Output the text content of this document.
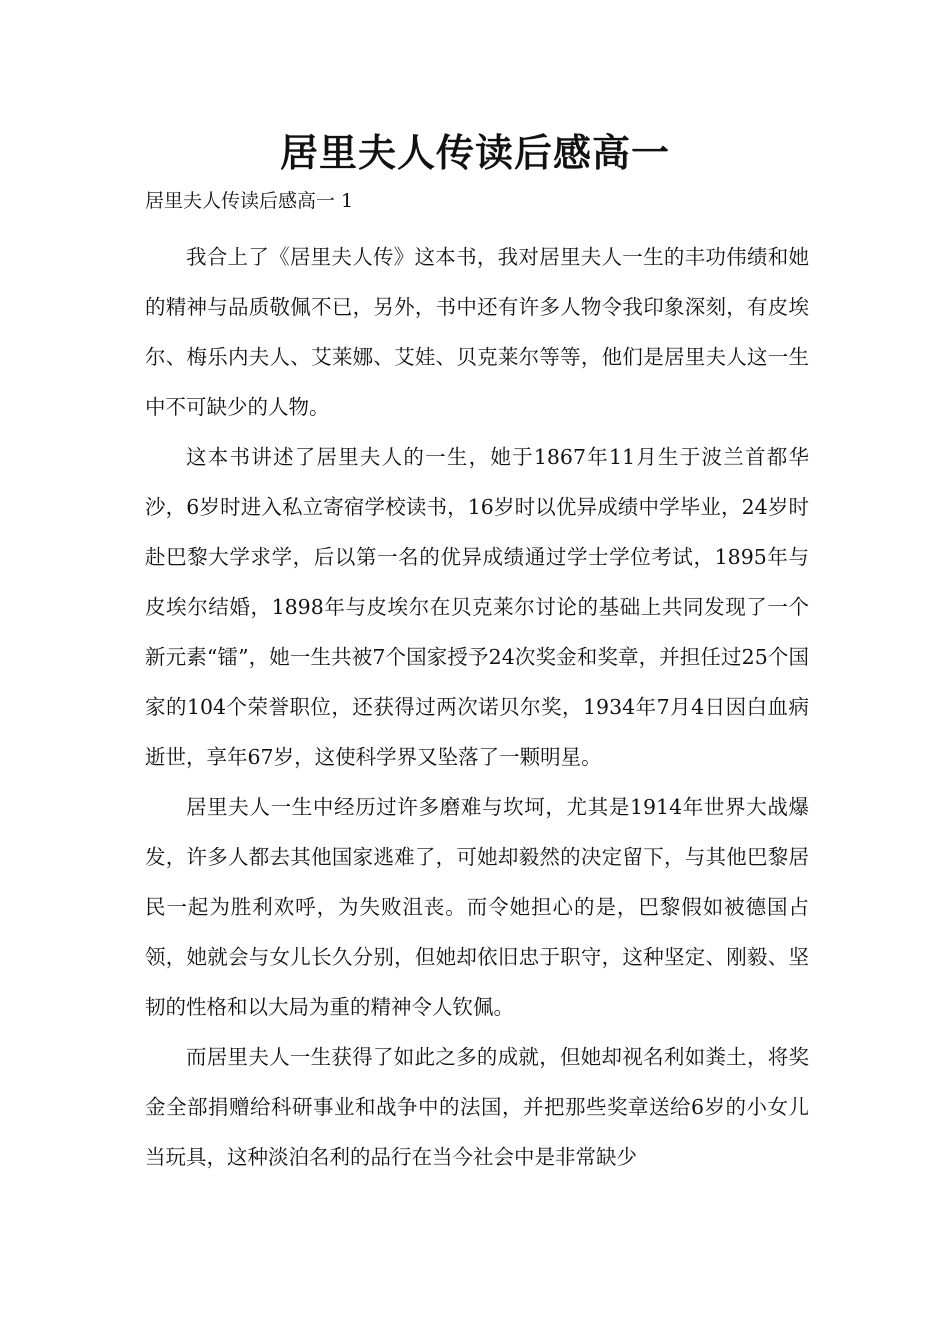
居里夫人传读后感高一
居里夫人传读后感高一 1

我合上了《居里夫人传》这本书，我对居里夫人一生的丰功伟绩和她的精神与品质敬佩不已，另外，书中还有许多人物令我印象深刻，有皮埃尔、梅乐内夫人、艾莱娜、艾娃、贝克莱尔等等，他们是居里夫人这一生中不可缺少的人物。

这本书讲述了居里夫人的一生，她于1867年11月生于波兰首都华沙，6岁时进入私立寄宿学校读书，16岁时以优异成绩中学毕业，24岁时赴巴黎大学求学，后以第一名的优异成绩通过学士学位考试，1895年与皮埃尔结婚，1898年与皮埃尔在贝克莱尔讨论的基础上共同发现了一个新元素“镭”，她一生共被7个国家授予24次奖金和奖章，并担任过25个国家的104个荣誉职位，还获得过两次诺贝尔奖，1934年7月4日因白血病逝世，享年67岁，这使科学界又坠落了一颗明星。

居里夫人一生中经历过许多磨难与坎坷，尤其是1914年世界大战爆发，许多人都去其他国家逃难了，可她却毅然的决定留下，与其他巴黎居民一起为胜利欢呼，为失败沮丧。而令她担心的是，巴黎假如被德国占领，她就会与女儿长久分别，但她却依旧忠于职守，这种坚定、刚毅、坚韧的性格和以大局为重的精神令人钦佩。

而居里夫人一生获得了如此之多的成就，但她却视名利如粪土，将奖金全部捐赠给科研事业和战争中的法国，并把那些奖章送给6岁的小女儿当玩具，这种淡泊名利的品行在当今社会中是非常缺少
